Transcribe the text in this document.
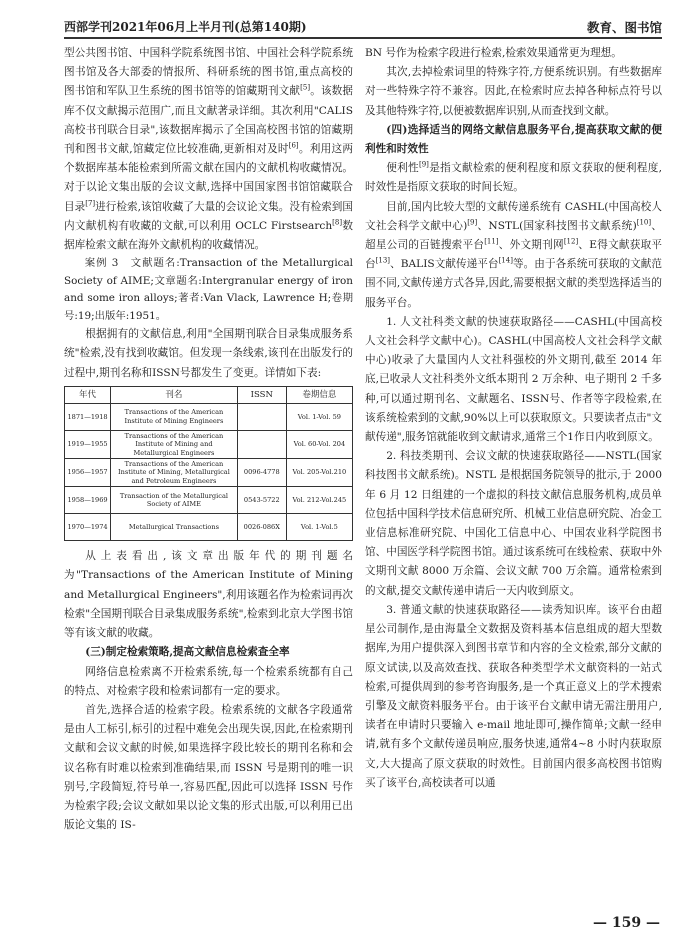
西部学刊2021年06月上半月刊(总第140期)	教育、图书馆

型公共图书馆、中国科学院系统图书馆、中国社会科学院系统图书馆及各大部委的情报所、科研系统的图书馆,重点高校的图书馆和军队卫生系统的图书馆等的馆藏期刊文献[5]。该数据库不仅文献揭示范围广,而且文献著录详细。其次利用"CALIS 高校书刊联合目录",该数据库揭示了全国高校图书馆的馆藏期刊和图书文献,馆藏定位比较准确,更新相对及时[6]。利用这两个数据库基本能检索到所需文献在国内的文献机构收藏情况。对于以论文集出版的会议文献,选择中国国家图书馆馆藏联合目录[7]进行检索,该馆收藏了大量的会议论文集。没有检索到国内文献机构有收藏的文献,可以利用 OCLC Firstsearch[8]数据库检索文献在海外文献机构的收藏情况。

案例 3　文献题名:Transaction of the Metallurgical Society of AIME;文章题名:Intergranular energy of iron and some iron alloys;著者:Van Vlack, Lawrence H;卷期号:19;出版年:1951。

根据拥有的文献信息,利用"全国期刊联合目录集成服务系统"检索,没有找到收藏馆。但发现一条线索,该刊在出版发行的过程中,期刊名称和ISSN号都发生了变更。详情如下表:

年代	刊名	ISSN	卷期信息
1871—1918	Transactions of the American Institute of Mining Engineers		Vol. 1-Vol. 59
1919—1955	Transactions of the American Institute of Mining and Metallurgical Engineers		Vol. 60-Vol. 204
1956—1957	Transactions of the American Institute of Mining, Metallurgical and Petroleum Engineers	0096-4778	Vol. 205-Vol.210
1958—1969	Transaction of the Metallurgical Society of AIME	0543-5722	Vol. 212-Vol.245
1970—1974	Metallurgical Transactions	0026-086X	Vol. 1-Vol.5

从上表看出,该文章出版年代的期刊题名为"Transactions of the American Institute of Mining and Metallurgical Engineers",利用该题名作为检索词再次检索"全国期刊联合目录集成服务系统",检索到北京大学图书馆等有该文献的收藏。

(三)制定检索策略,提高文献信息检索查全率

网络信息检索离不开检索系统,每一个检索系统都有自己的特点、对检索字段和检索词都有一定的要求。

首先,选择合适的检索字段。检索系统的文献各字段通常是由人工标引,标引的过程中难免会出现失误,因此,在检索期刊文献和会议文献的时候,如果选择字段比较长的期刊名称和会议名称有时难以检索到准确结果,而 ISSN 号是期刊的唯一识别号,字段简短,符号单一,容易匹配,因此可以选择 ISSN 号作为检索字段;会议文献如果以论文集的形式出版,可以利用已出版论文集的 IS-

BN 号作为检索字段进行检索,检索效果通常更为理想。

其次,去掉检索词里的特殊字符,方便系统识别。有些数据库对一些特殊字符不兼容。因此,在检索时应去掉各种标点符号以及其他特殊字符,以便被数据库识别,从而查找到文献。

(四)选择适当的网络文献信息服务平台,提高获取文献的便利性和时效性

便利性[9]是指文献检索的便利程度和原文获取的便利程度,时效性是指原文获取的时间长短。

目前,国内比较大型的文献传递系统有 CASHL(中国高校人文社会科学文献中心)[9]、NSTL(国家科技图书文献系统)[10]、超星公司的百链搜索平台[11]、外文期刊网[12]、E得文献获取平台[13]、BALIS文献传递平台[14]等。由于各系统可获取的文献范围不同,文献传递方式各异,因此,需要根据文献的类型选择适当的服务平台。

1. 人文社科类文献的快速获取路径——CASHL(中国高校人文社会科学文献中心)。CASHL(中国高校人文社会科学文献中心)收录了大量国内人文社科强校的外文期刊,截至 2014 年底,已收录人文社科类外文纸本期刊 2 万余种、电子期刊 2 千多种,可以通过期刊名、文献题名、ISSN号、作者等字段检索,在该系统检索到的文献,90%以上可以获取原文。只要读者点击"文献传递",服务馆就能收到文献请求,通常三个1作日内收到原文。

2. 科技类期刊、会议文献的快速获取路径——NSTL(国家科技图书文献系统)。NSTL 是根据国务院领导的批示,于 2000 年 6 月 12 日组建的一个虚拟的科技文献信息服务机构,成员单位包括中国科学技术信息研究所、机械工业信息研究院、冶金工业信息标准研究院、中国化工信息中心、中国农业科学院图书馆、中国医学科学院图书馆。通过该系统可在线检索、获取中外文期刊文献 8000 万余篇、会议文献 700 万余篇。通常检索到的文献,提交文献传递申请后一天内收到原文。

3. 普通文献的快速获取路径——读秀知识库。该平台由超星公司制作,是由海量全文数据及资料基本信息组成的超大型数据库,为用户提供深入到图书章节和内容的全文检索,部分文献的原文试读,以及高效查找、获取各种类型学术文献资料的一站式检索,可提供周到的参考咨询服务,是一个真正意义上的学术搜索引擎及文献资料服务平台。由于该平台文献申请无需注册用户,读者在申请时只要输入 e-mail 地址即可,操作简单;文献一经申请,就有多个文献传递员响应,服务快速,通常4~8 小时内获取原文,大大提高了原文获取的时效性。目前国内很多高校图书馆购买了该平台,高校读者可以通

— 159 —
